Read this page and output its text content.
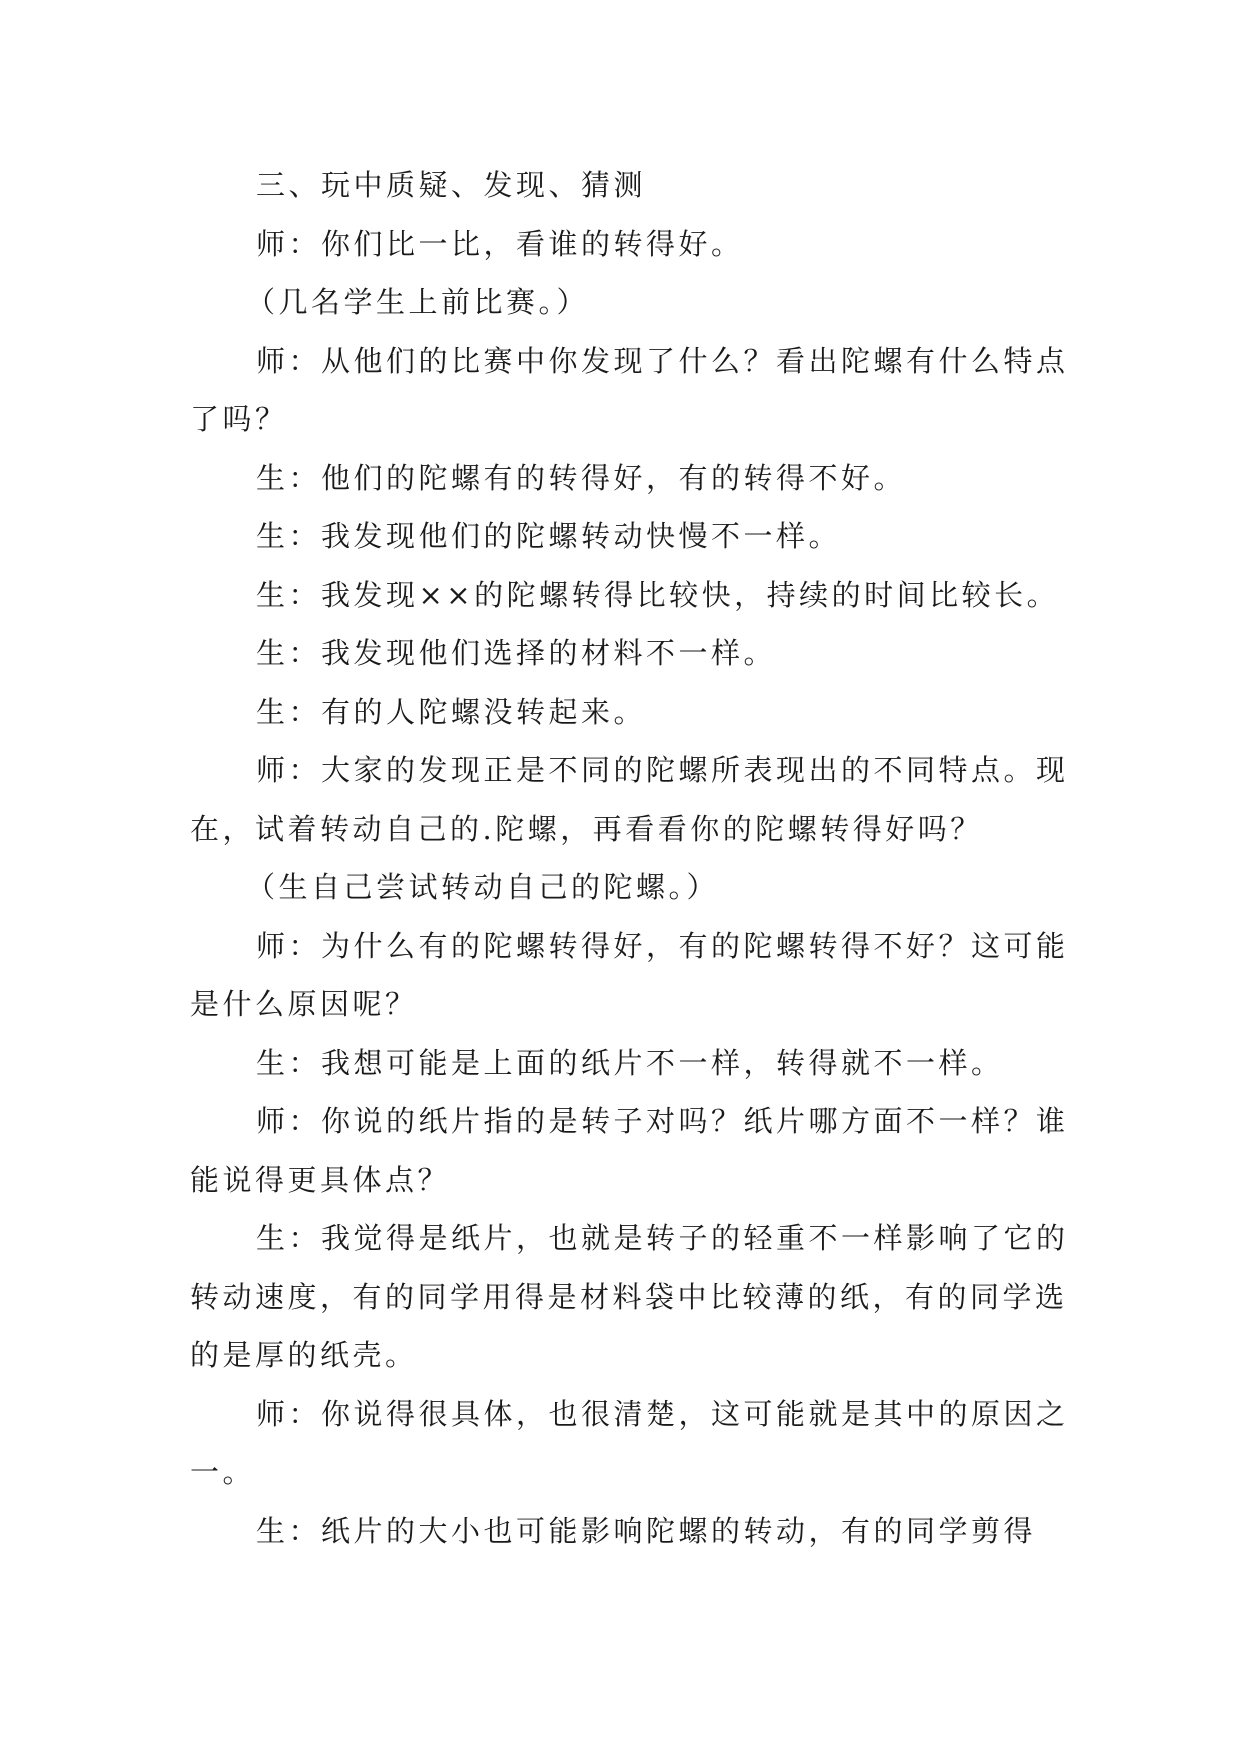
三、玩中质疑、发现、猜测

师：你们比一比，看谁的转得好。

（几名学生上前比赛。）

师：从他们的比赛中你发现了什么？看出陀螺有什么特点了吗？

生：他们的陀螺有的转得好，有的转得不好。

生：我发现他们的陀螺转动快慢不一样。

生：我发现××的陀螺转得比较快，持续的时间比较长。

生：我发现他们选择的材料不一样。

生：有的人陀螺没转起来。

师：大家的发现正是不同的陀螺所表现出的不同特点。现在，试着转动自己的.陀螺，再看看你的陀螺转得好吗？

（生自己尝试转动自己的陀螺。）

师：为什么有的陀螺转得好，有的陀螺转得不好？这可能是什么原因呢？

生：我想可能是上面的纸片不一样，转得就不一样。

师：你说的纸片指的是转子对吗？纸片哪方面不一样？谁能说得更具体点？

生：我觉得是纸片，也就是转子的轻重不一样影响了它的转动速度，有的同学用得是材料袋中比较薄的纸，有的同学选的是厚的纸壳。

师：你说得很具体，也很清楚，这可能就是其中的原因之一。

生：纸片的大小也可能影响陀螺的转动，有的同学剪得
